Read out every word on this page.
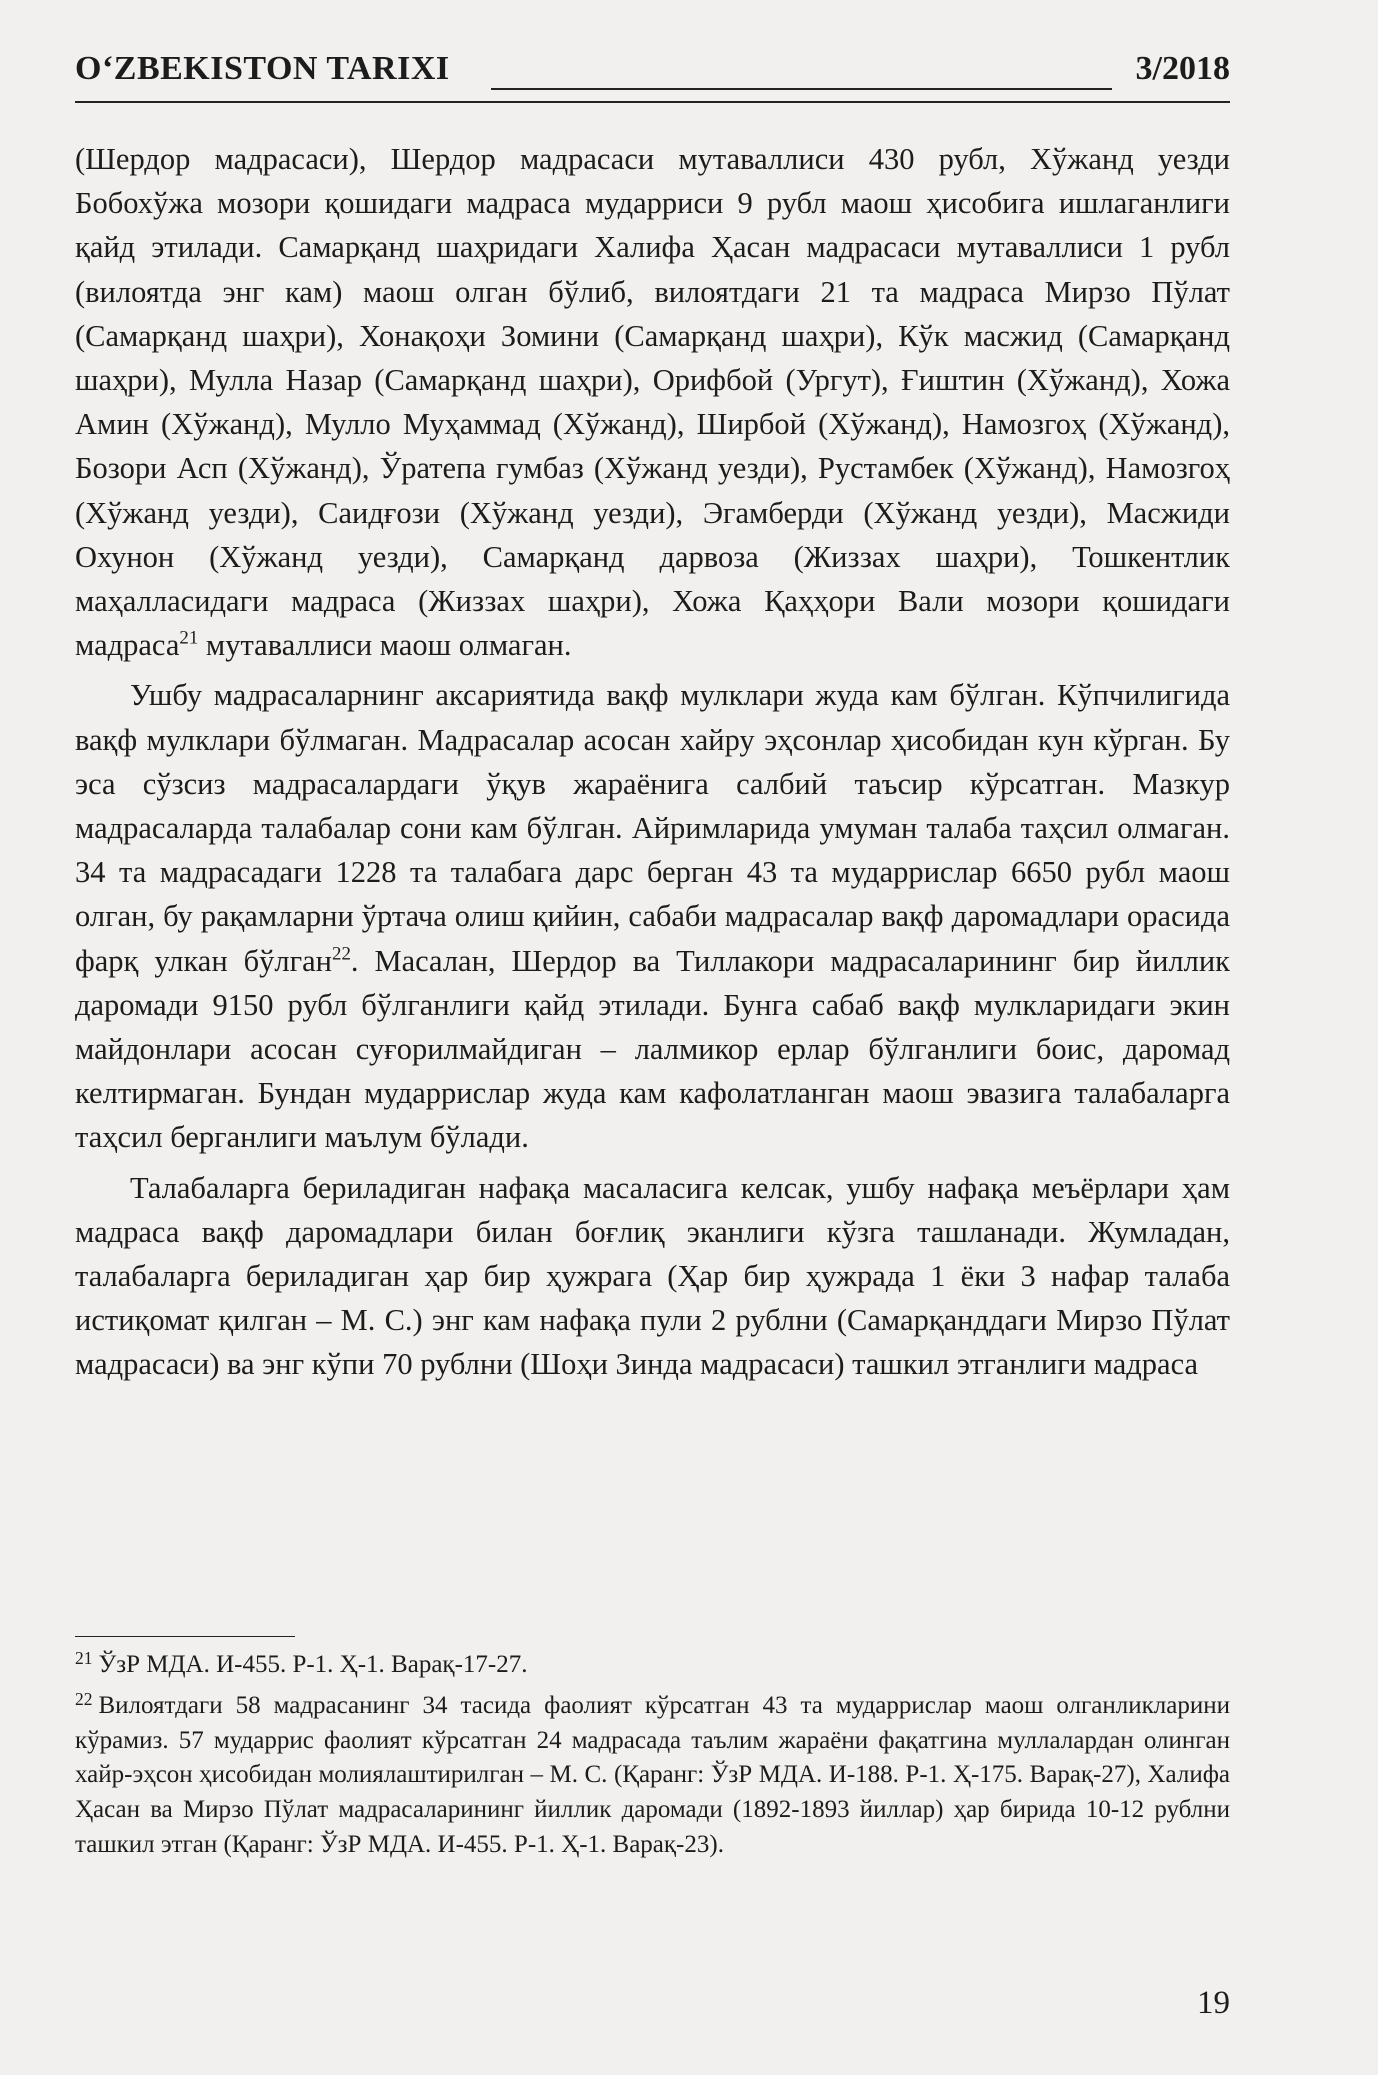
O‘ZBEKISTON TARIXI	3/2018

(Шердор мадрасаси), Шердор мадрасаси мутаваллиси 430 рубл, Хўжанд уезди Бобохўжа мозори қошидаги мадраса мударриси 9 рубл маош ҳисобига ишлаганлиги қайд этилади. Самарқанд шаҳридаги Халифа Ҳасан мадрасаси мутаваллиси 1 рубл (вилоятда энг кам) маош олган бўлиб, вилоятдаги 21 та мадраса Мирзо Пўлат (Самарқанд шаҳри), Хонақоҳи Зомини (Самарқанд шаҳри), Кўк масжид (Самарқанд шаҳри), Мулла Назар (Самарқанд шаҳри), Орифбой (Ургут), Ғиштин (Хўжанд), Хожа Амин (Хўжанд), Мулло Муҳаммад (Хўжанд), Ширбой (Хўжанд), Намозгоҳ (Хўжанд), Бозори Асп (Хўжанд), Ўратепа гумбаз (Хўжанд уезди), Рустамбек (Хўжанд), Намозгоҳ (Хўжанд уезди), Саидғози (Хўжанд уезди), Эгамберди (Хўжанд уезди), Масжиди Охунон (Хўжанд уезди), Самарқанд дарвоза (Жиззах шаҳри), Тошкентлик маҳалласидаги мадраса (Жиззах шаҳри), Хожа Қаҳҳори Вали мозори қошидаги мадраса$^{21}$ мутаваллиси маош олмаган.

Ушбу мадрасаларнинг аксариятида вақф мулклари жуда кам бўлган. Кўпчилигида вақф мулклари бўлмаган. Мадрасалар асосан хайру эҳсонлар ҳисобидан кун кўрган. Бу эса сўзсиз мадрасалардаги ўқув жараёнига салбий таъсир кўрсатган. Мазкур мадрасаларда талабалар сони кам бўлган. Айримларида умуман талаба таҳсил олмаган. 34 та мадрасадаги 1228 та талабага дарс берган 43 та мударрислар 6650 рубл маош олган, бу рақамларни ўртача олиш қийин, сабаби мадрасалар вақф даромадлари орасида фарқ улкан бўлган$^{22}$. Масалан, Шердор ва Тиллакори мадрасаларининг бир йиллик даромади 9150 рубл бўлганлиги қайд этилади. Бунга сабаб вақф мулкларидаги экин майдонлари асосан суғорилмайдиган – лалмикор ерлар бўлганлиги боис, даромад келтирмаган. Бундан мударрислар жуда кам кафолатланган маош эвазига талабаларга таҳсил берганлиги маълум бўлади.

Талабаларга бериладиган нафақа масаласига келсак, ушбу нафақа меъёрлари ҳам мадраса вақф даромадлари билан боғлиқ эканлиги кўзга ташланади. Жумладан, талабаларга бериладиган ҳар бир ҳужрага (Ҳар бир ҳужрада 1 ёки 3 нафар талаба истиқомат қилган – М. С.) энг кам нафақа пули 2 рублни (Самарқанддаги Мирзо Пўлат мадрасаси) ва энг кўпи 70 рублни (Шоҳи Зинда мадрасаси) ташкил этганлиги мадраса

$^{21}$ ЎзР МДА. И-455. Р-1. Ҳ-1. Варақ-17-27.

$^{22}$ Вилоятдаги 58 мадрасанинг 34 тасида фаолият кўрсатган 43 та мударрислар маош олганликларини кўрамиз. 57 мударрис фаолият кўрсатган 24 мадрасада таълим жараёни фақатгина муллалардан олинган хайр-эҳсон ҳисобидан молиялаштирилган – М. С. (Қаранг: ЎзР МДА. И-188. Р-1. Ҳ-175. Варақ-27), Халифа Ҳасан ва Мирзо Пўлат мадрасаларининг йиллик даромади (1892-1893 йиллар) ҳар бирида 10-12 рублни ташкил этган (Қаранг: ЎзР МДА. И-455. Р-1. Ҳ-1. Варақ-23).

19
